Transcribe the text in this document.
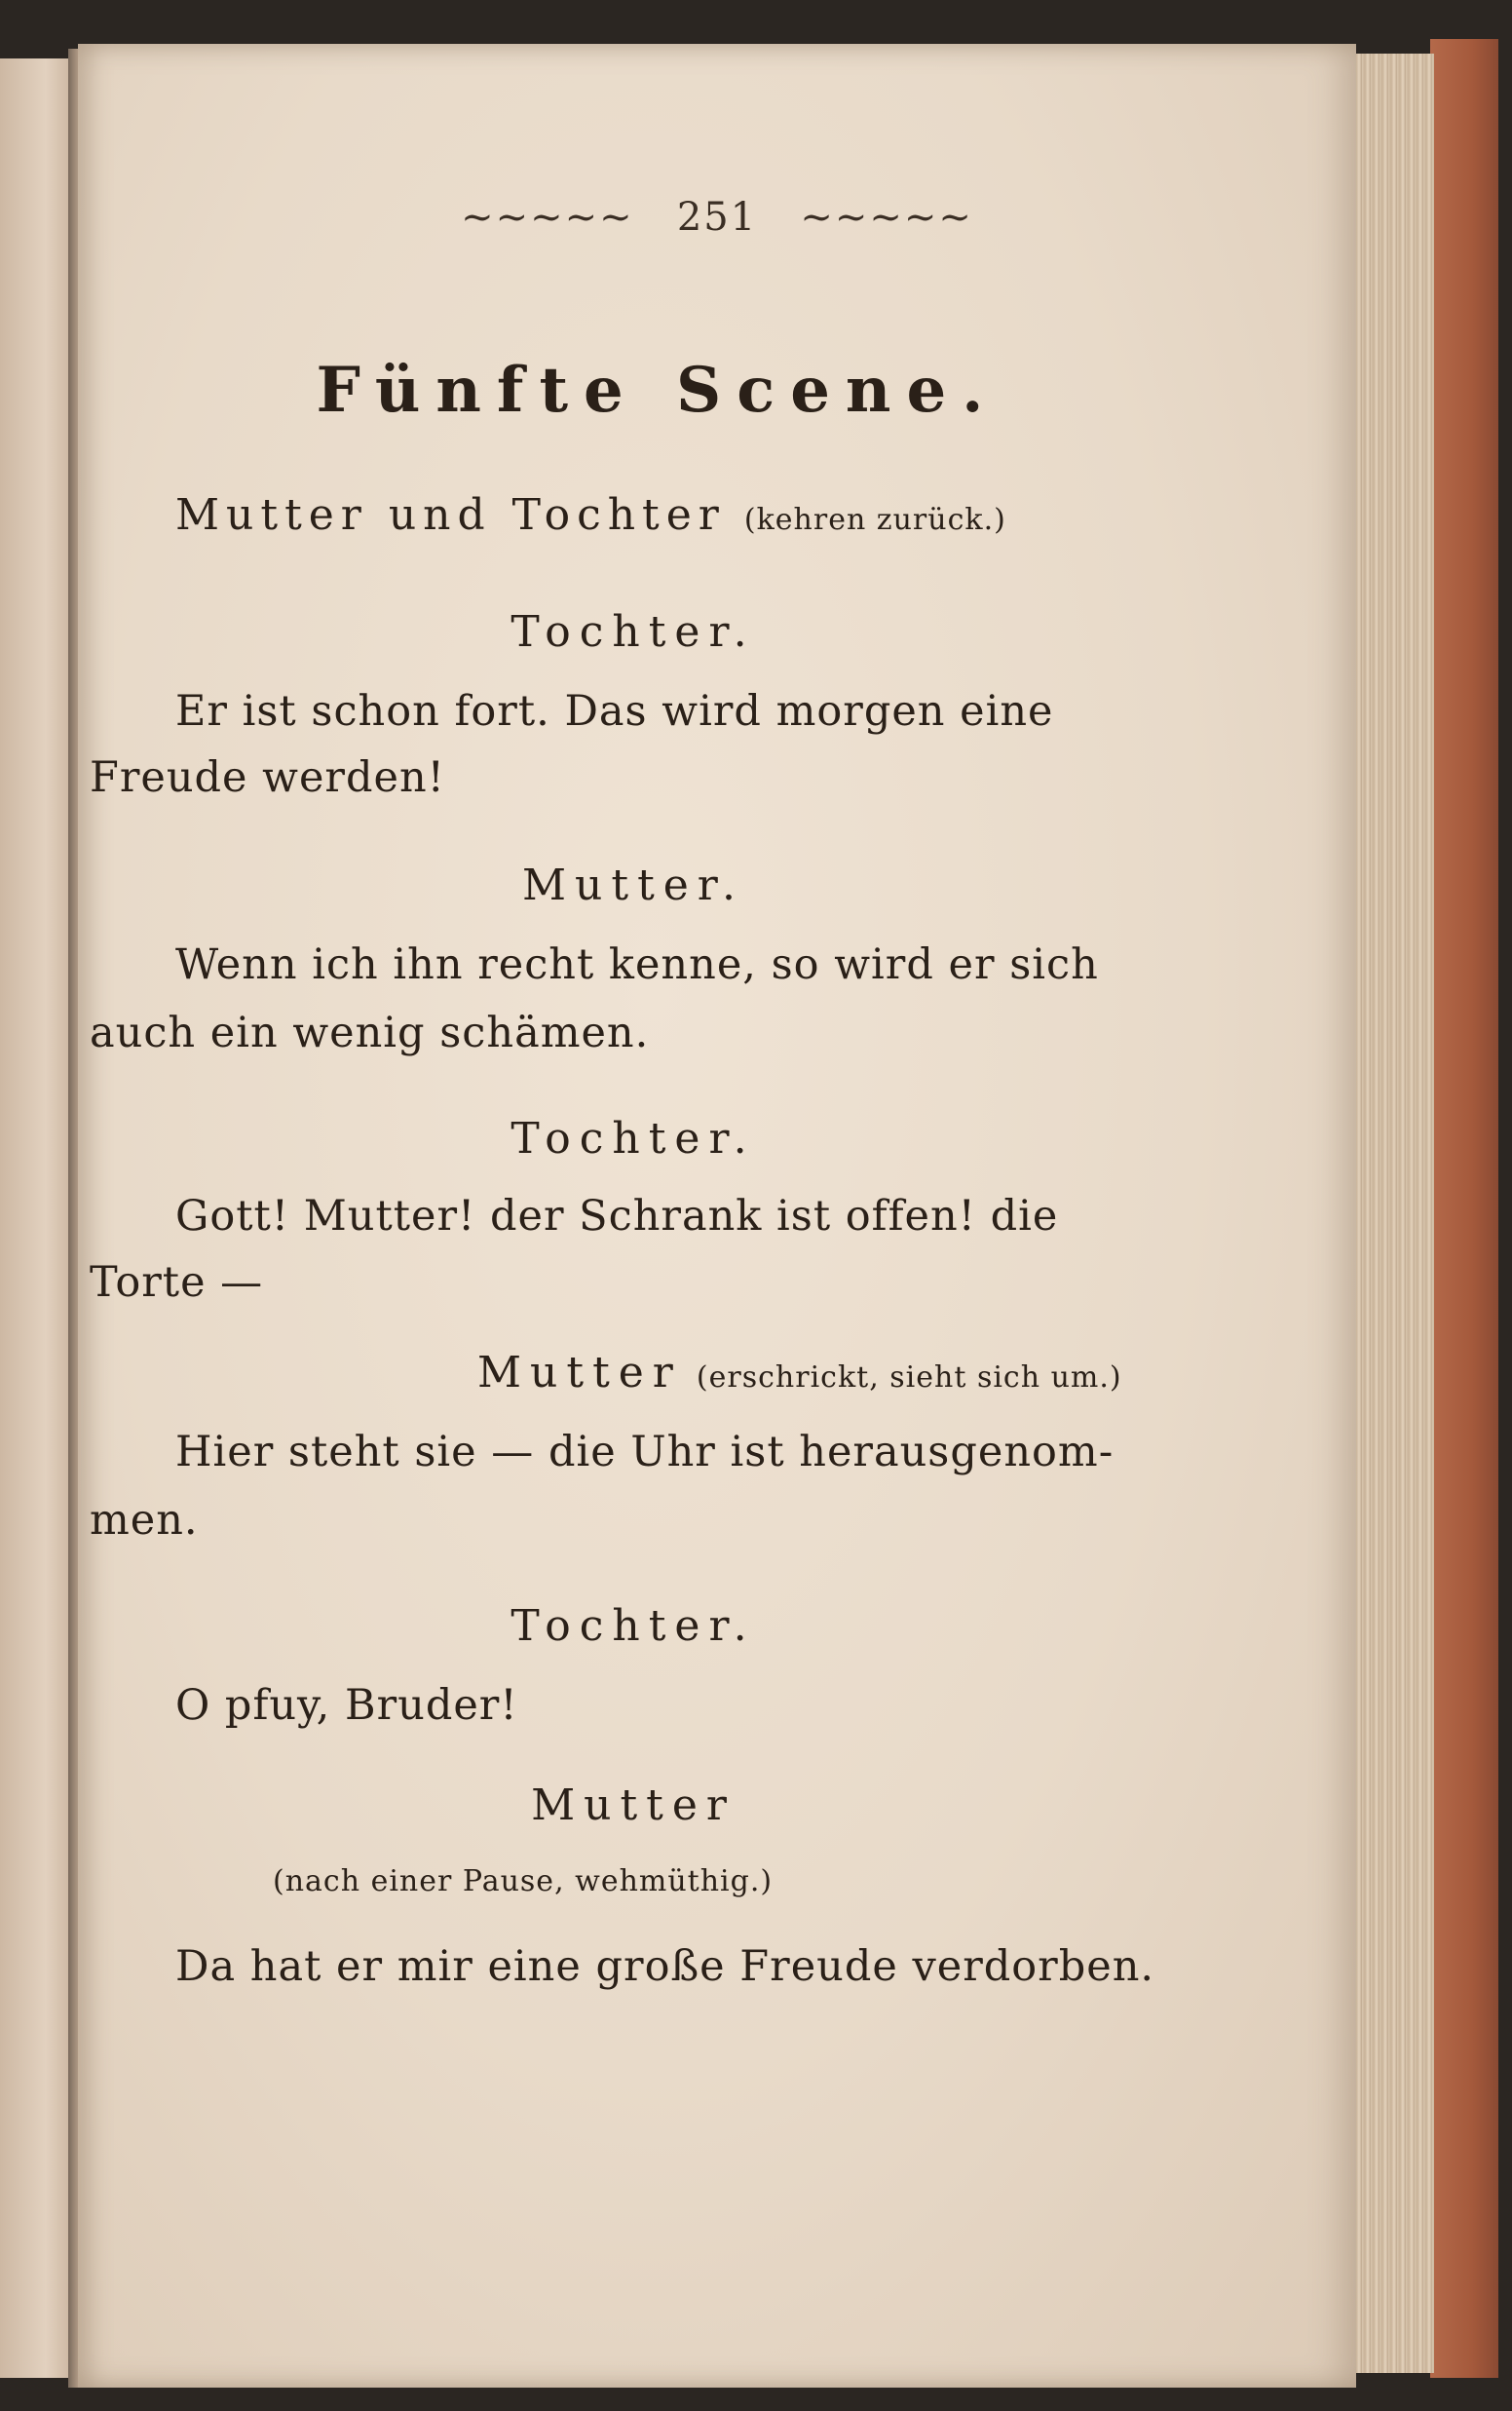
~~~~~ 251 ~~~~~
Fünfte Scene.
Mutter und Tochter (kehren zurück.)
Tochter.
Er ist schon fort. Das wird morgen eine
Freude werden!
Mutter.
Wenn ich ihn recht kenne, so wird er sich
auch ein wenig schämen.
Tochter.
Gott! Mutter! der Schrank ist offen! die
Torte —
Mutter (erschrickt, sieht sich um.)
Hier steht sie — die Uhr ist herausgenom-
men.
Tochter.
O pfuy, Bruder!
Mutter
(nach einer Pause, wehmüthig.)
Da hat er mir eine große Freude verdorben.
